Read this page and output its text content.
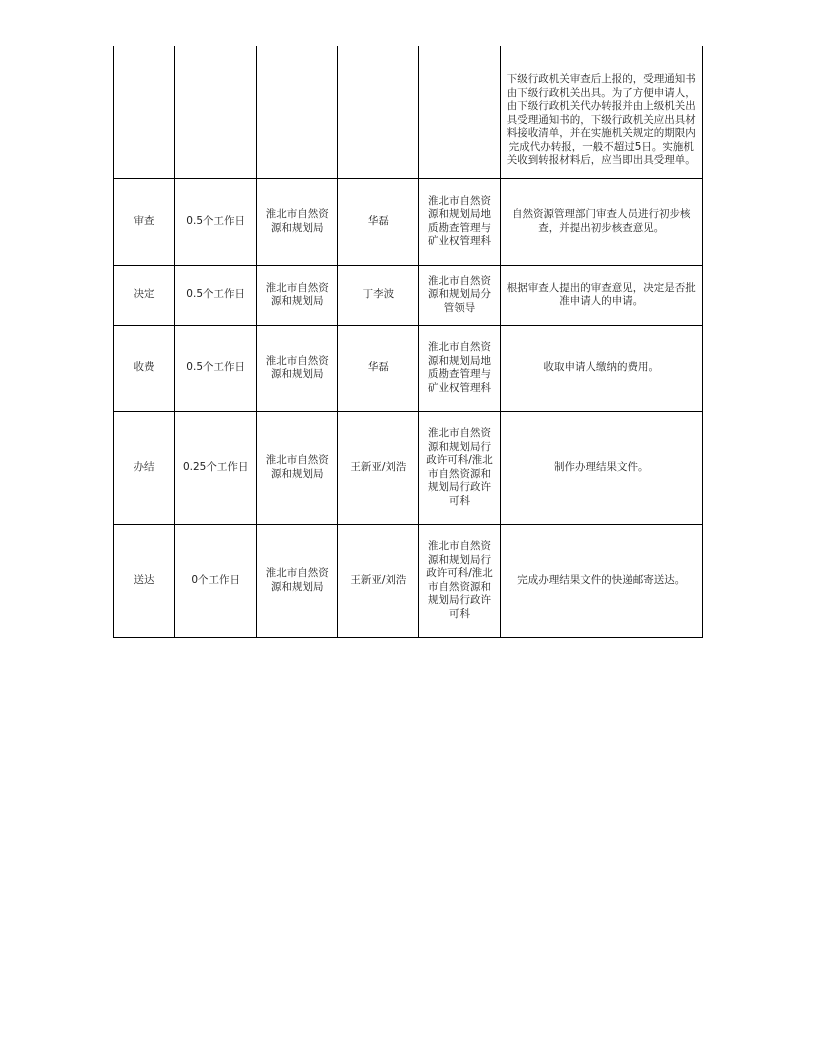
					下级行政机关审查后上报的，受理通知书由下级行政机关出具。为了方便申请人，由下级行政机关代办转报并由上级机关出具受理通知书的，下级行政机关应出具材料接收清单，并在实施机关规定的期限内完成代办转报，一般不超过5日。实施机关收到转报材料后，应当即出具受理单。
审查	0.5个工作日	淮北市自然资源和规划局	华磊	淮北市自然资源和规划局地质勘查管理与矿业权管理科	自然资源管理部门审查人员进行初步核查，并提出初步核查意见。
决定	0.5个工作日	淮北市自然资源和规划局	丁李波	淮北市自然资源和规划局分管领导	根据审查人提出的审查意见，决定是否批准申请人的申请。
收费	0.5个工作日	淮北市自然资源和规划局	华磊	淮北市自然资源和规划局地质勘查管理与矿业权管理科	收取申请人缴纳的费用。
办结	0.25个工作日	淮北市自然资源和规划局	王新亚/刘浩	淮北市自然资源和规划局行政许可科/淮北市自然资源和规划局行政许可科	制作办理结果文件。
送达	0个工作日	淮北市自然资源和规划局	王新亚/刘浩	淮北市自然资源和规划局行政许可科/淮北市自然资源和规划局行政许可科	完成办理结果文件的快递邮寄送达。
